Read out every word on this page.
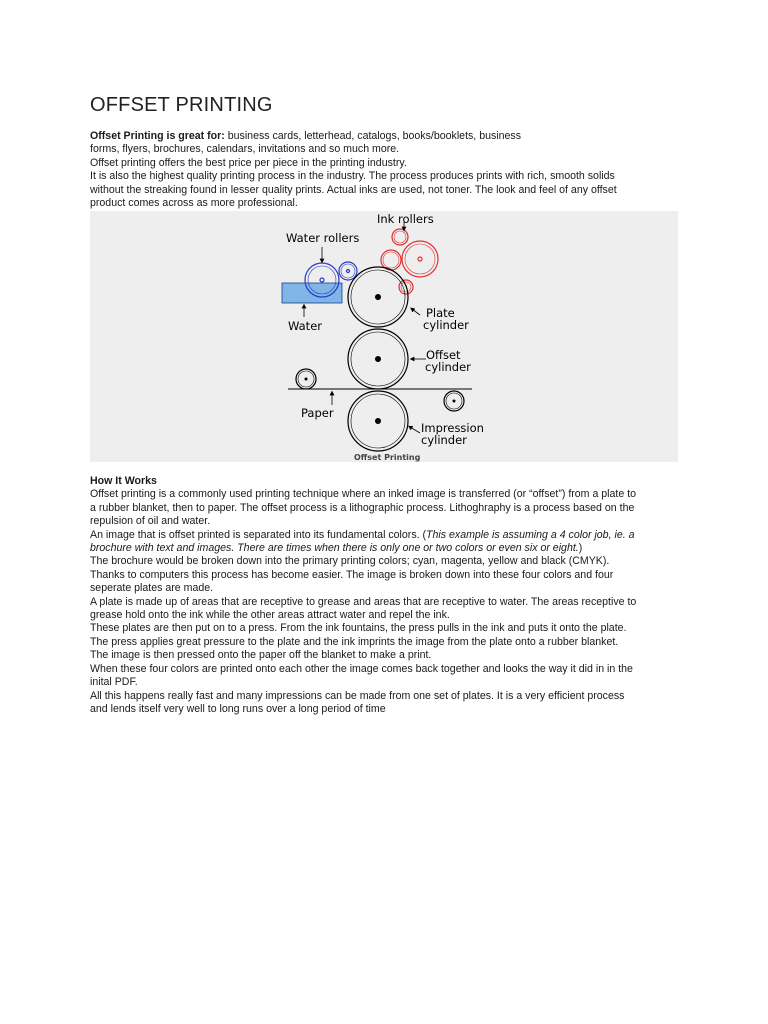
OFFSET PRINTING

Offset Printing is great for: business cards, letterhead, catalogs, books/booklets, business

forms, flyers, brochures, calendars, invitations and so much more.

Offset printing offers the best price per piece in the printing industry.

It is also the highest quality printing process in the industry. The process produces prints with rich, smooth solids

without the streaking found in lesser quality prints. Actual inks are used, not toner. The look and feel of any offset

product comes across as more professional.

Ink rollers
Water rollers
Water
Plate
cylinder
Offset
cylinder
Paper
Impression
cylinder
Offset Printing

How It Works

Offset printing is a commonly used printing technique where an inked image is transferred (or “offset”) from a plate to

a rubber blanket, then to paper. The offset process is a lithographic process. Lithoghraphy is a process based on the

repulsion of oil and water.

An image that is offset printed is separated into its fundamental colors. (This example is assuming a 4 color job, ie. a

brochure with text and images. There are times when there is only one or two colors or even six or eight.)

The brochure would be broken down into the primary printing colors; cyan, magenta, yellow and black (CMYK).

Thanks to computers this process has become easier. The image is broken down into these four colors and four

seperate plates are made.

A plate is made up of areas that are receptive to grease and areas that are receptive to water. The areas receptive to

grease hold onto the ink while the other areas attract water and repel the ink.

These plates are then put on to a press. From the ink fountains, the press pulls in the ink and puts it onto the plate.

The press applies great pressure to the plate and the ink imprints the image from the plate onto a rubber blanket.

The image is then pressed onto the paper off the blanket to make a print.

When these four colors are printed onto each other the image comes back together and looks the way it did in in the

inital PDF.

All this happens really fast and many impressions can be made from one set of plates. It is a very efficient process

and lends itself very well to long runs over a long period of time
